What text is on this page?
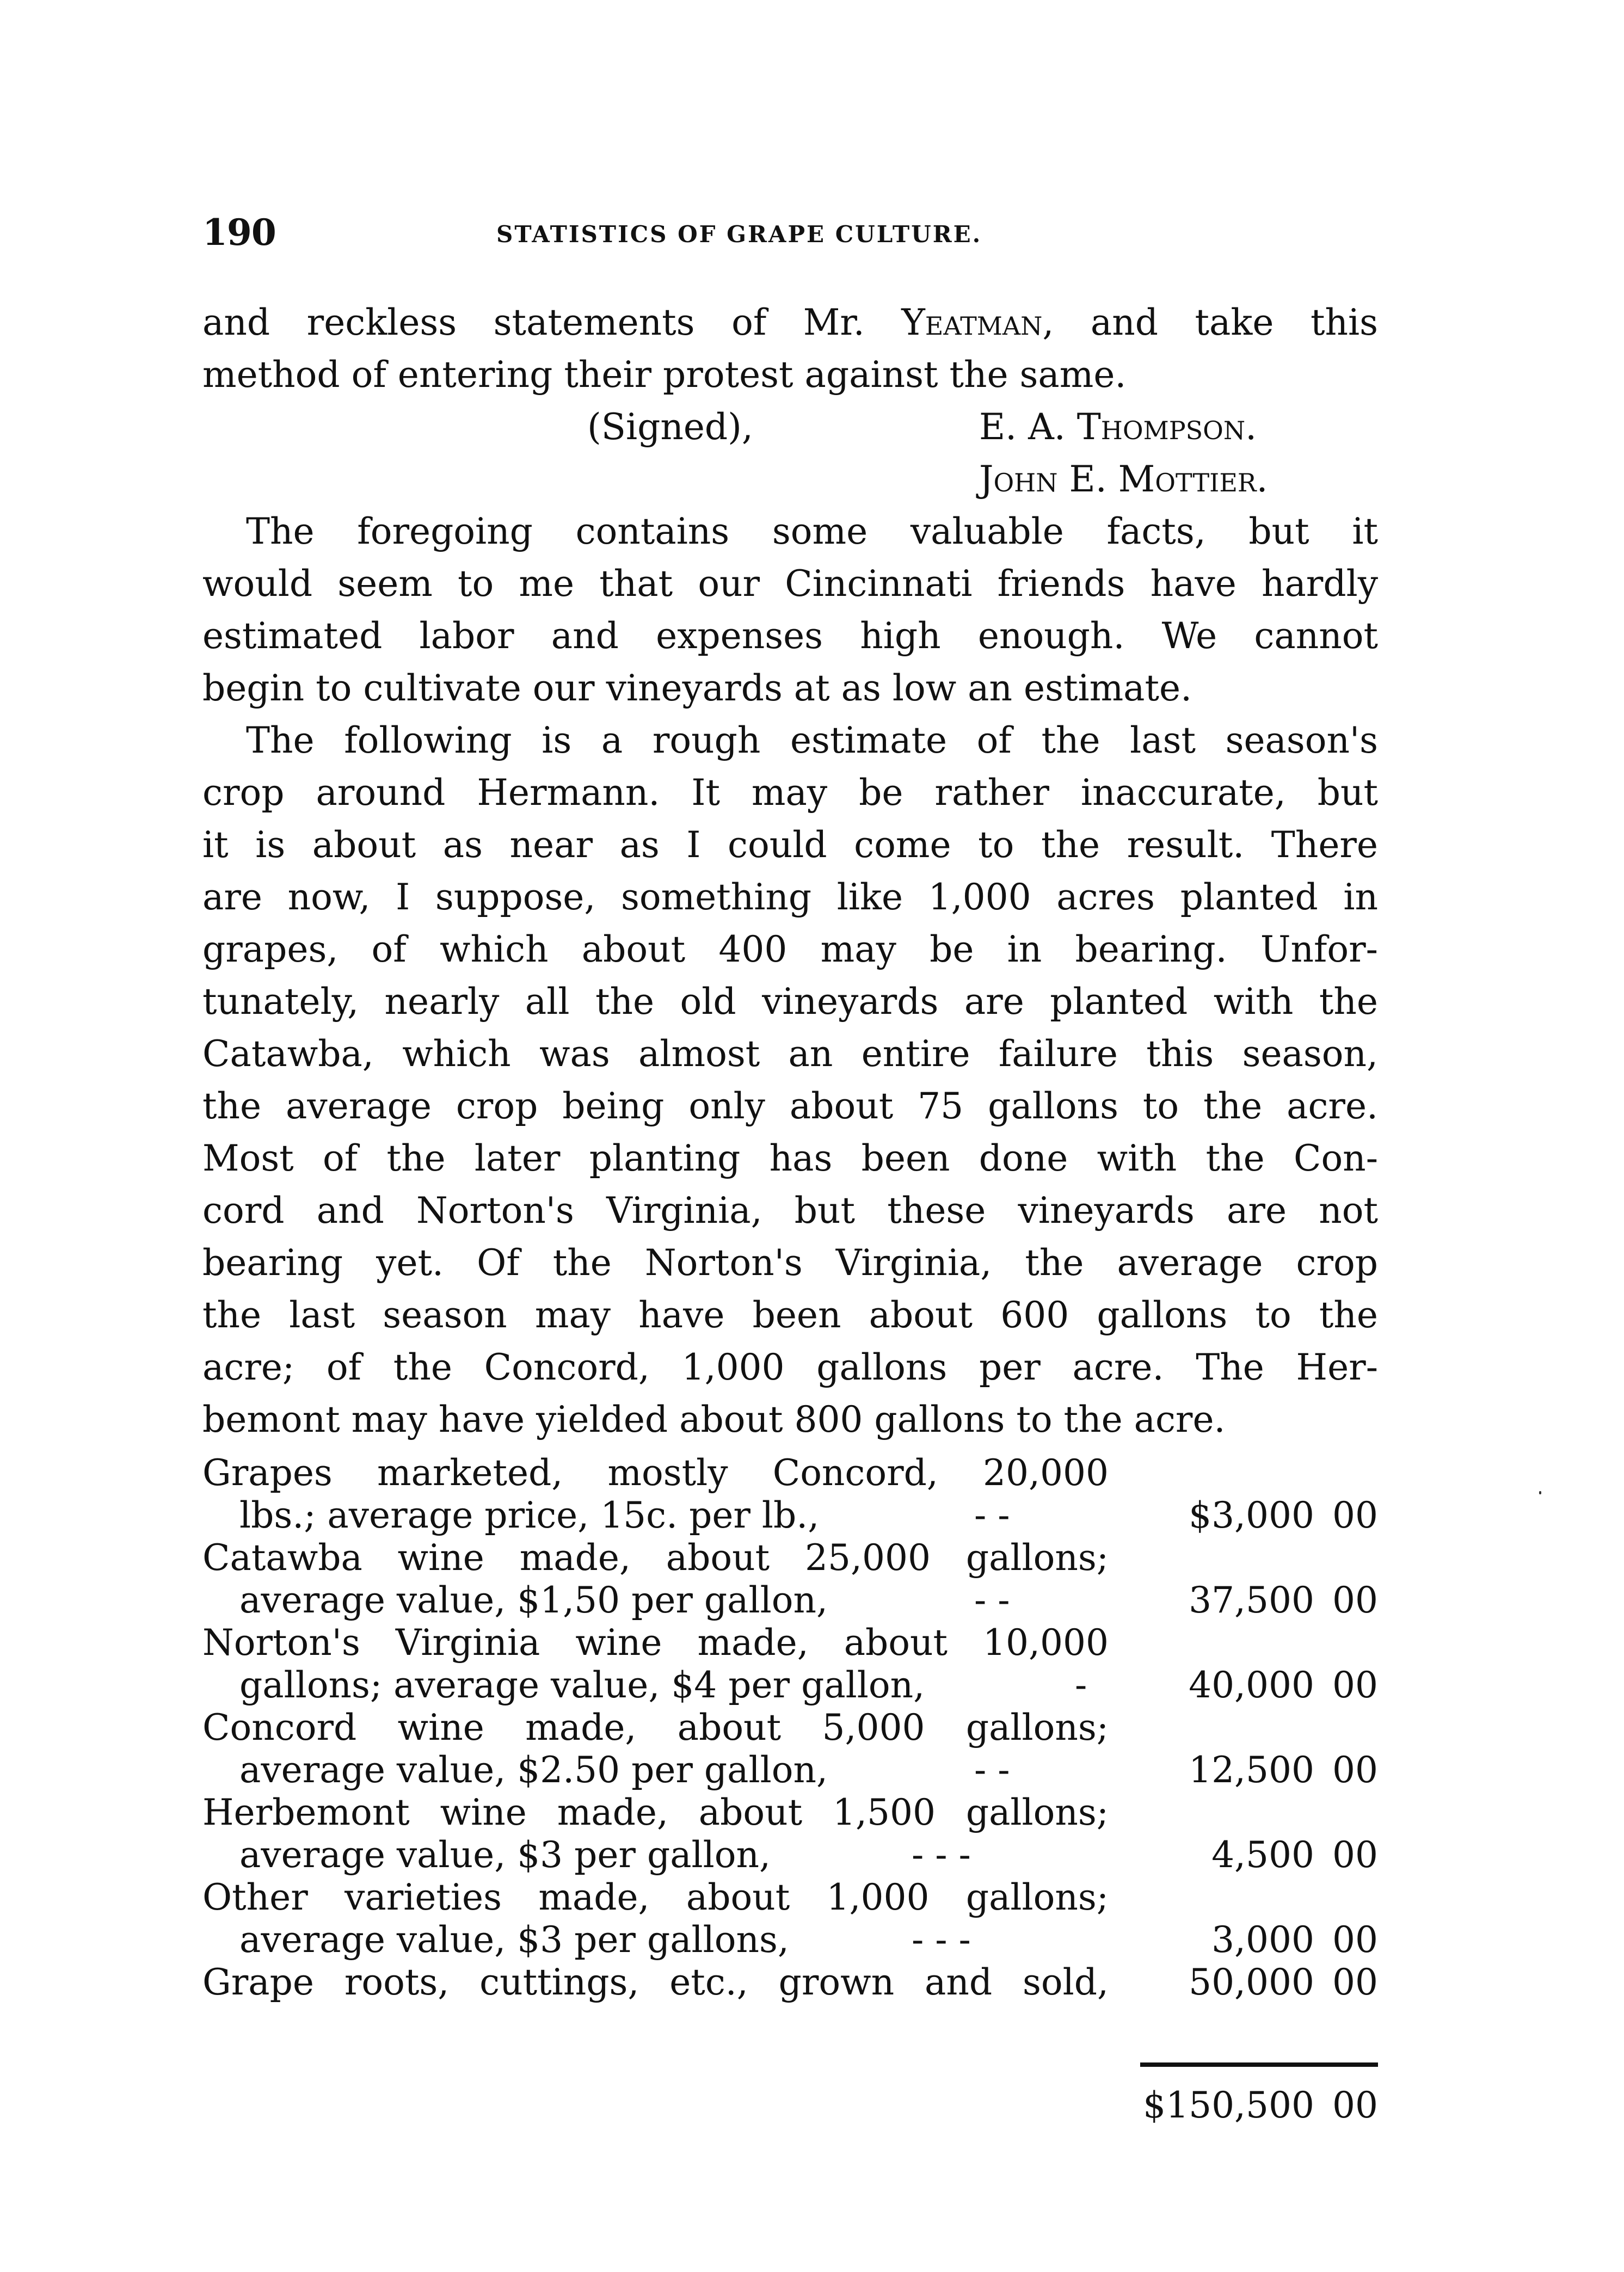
190	STATISTICS OF GRAPE CULTURE.
and reckless statements of Mr. Yeatman, and take this
method of entering their protest against the same.
(Signed),	E. A. Thompson.
John E. Mottier.
The foregoing contains some valuable facts, but it
would seem to me that our Cincinnati friends have hardly
estimated labor and expenses high enough. We cannot
begin to cultivate our vineyards at as low an estimate.
The following is a rough estimate of the last season's
crop around Hermann. It may be rather inaccurate, but
it is about as near as I could come to the result. There
are now, I suppose, something like 1,000 acres planted in
grapes, of which about 400 may be in bearing. Unfor-
tunately, nearly all the old vineyards are planted with the
Catawba, which was almost an entire failure this season,
the average crop being only about 75 gallons to the acre.
Most of the later planting has been done with the Con-
cord and Norton's Virginia, but these vineyards are not
bearing yet. Of the Norton's Virginia, the average crop
the last season may have been about 600 gallons to the
acre; of the Concord, 1,000 gallons per acre. The Her-
bemont may have yielded about 800 gallons to the acre.
Grapes marketed, mostly Concord, 20,000
lbs.; average price, 15c. per lb.,	- -	$3,000 00
Catawba wine made, about 25,000 gallons;
average value, $1,50 per gallon,	- -	37,500 00
Norton's Virginia wine made, about 10,000
gallons; average value, $4 per gallon,	-	40,000 00
Concord wine made, about 5,000 gallons;
average value, $2.50 per gallon,	- -	12,500 00
Herbemont wine made, about 1,500 gallons;
average value, $3 per gallon,	- - -	4,500 00
Other varieties made, about 1,000 gallons;
average value, $3 per gallons,	- - -	3,000 00
Grape roots, cuttings, etc., grown and sold,	50,000 00
$150,500 00
